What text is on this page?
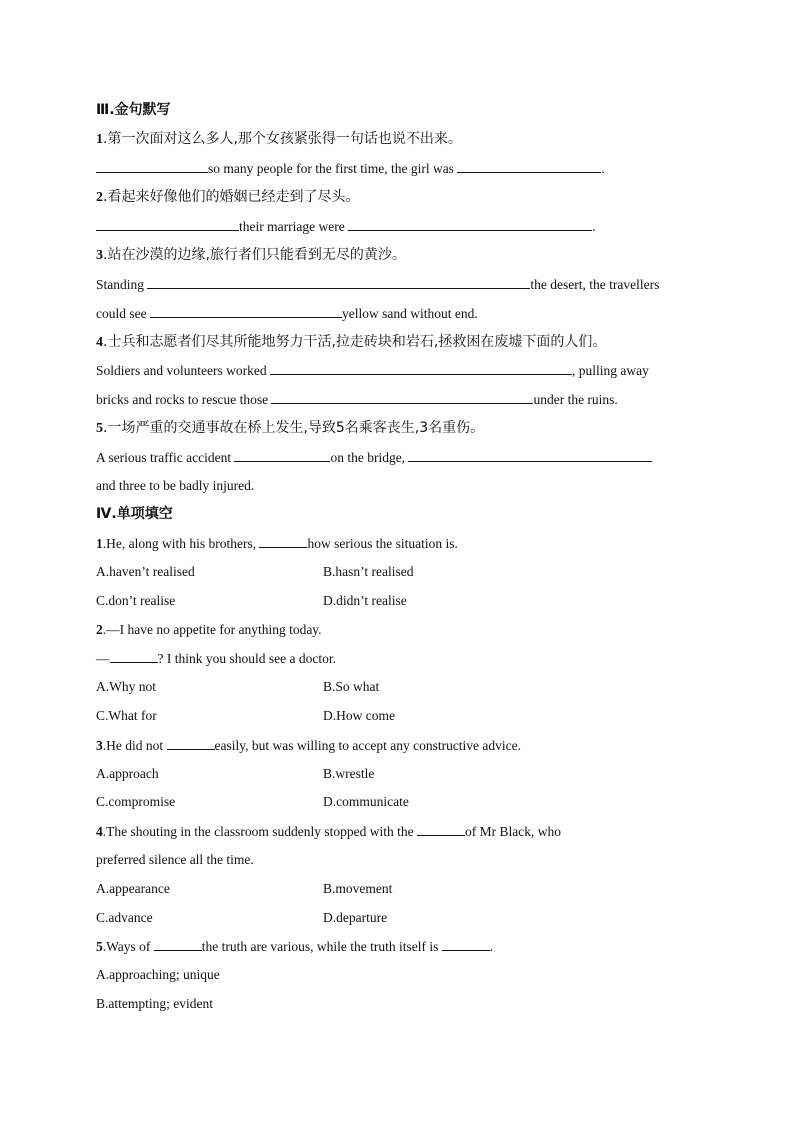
Ⅲ.金句默写
1.第一次面对这么多人,那个女孩紧张得一句话也说不出来。
so many people for the first time, the girl was	.
2.看起来好像他们的婚姻已经走到了尽头。
their marriage were	.
3.站在沙漠的边缘,旅行者们只能看到无尽的黄沙。
Standing	the desert, the travellers
could see	yellow sand without end.
4.士兵和志愿者们尽其所能地努力干活,拉走砖块和岩石,拯救困在废墟下面的人们。
Soldiers and volunteers worked	, pulling away
bricks and rocks to rescue those	under the ruins.
5.一场严重的交通事故在桥上发生,导致5名乘客丧生,3名重伤。
A serious traffic accident	on the bridge,
and three to be badly injured.
Ⅳ.单项填空
1.He, along with his brothers,	how serious the situation is.
A.haven’t realised	B.hasn’t realised
C.don’t realise	D.didn’t realise
2.—I have no appetite for anything today.
—	? I think you should see a doctor.
A.Why not	B.So what
C.What for	D.How come
3.He did not	easily, but was willing to accept any constructive advice.
A.approach	B.wrestle
C.compromise	D.communicate
4.The shouting in the classroom suddenly stopped with the	of Mr Black, who
preferred silence all the time.
A.appearance	B.movement
C.advance	D.departure
5.Ways of	the truth are various, while the truth itself is	.
A.approaching; unique
B.attempting; evident
